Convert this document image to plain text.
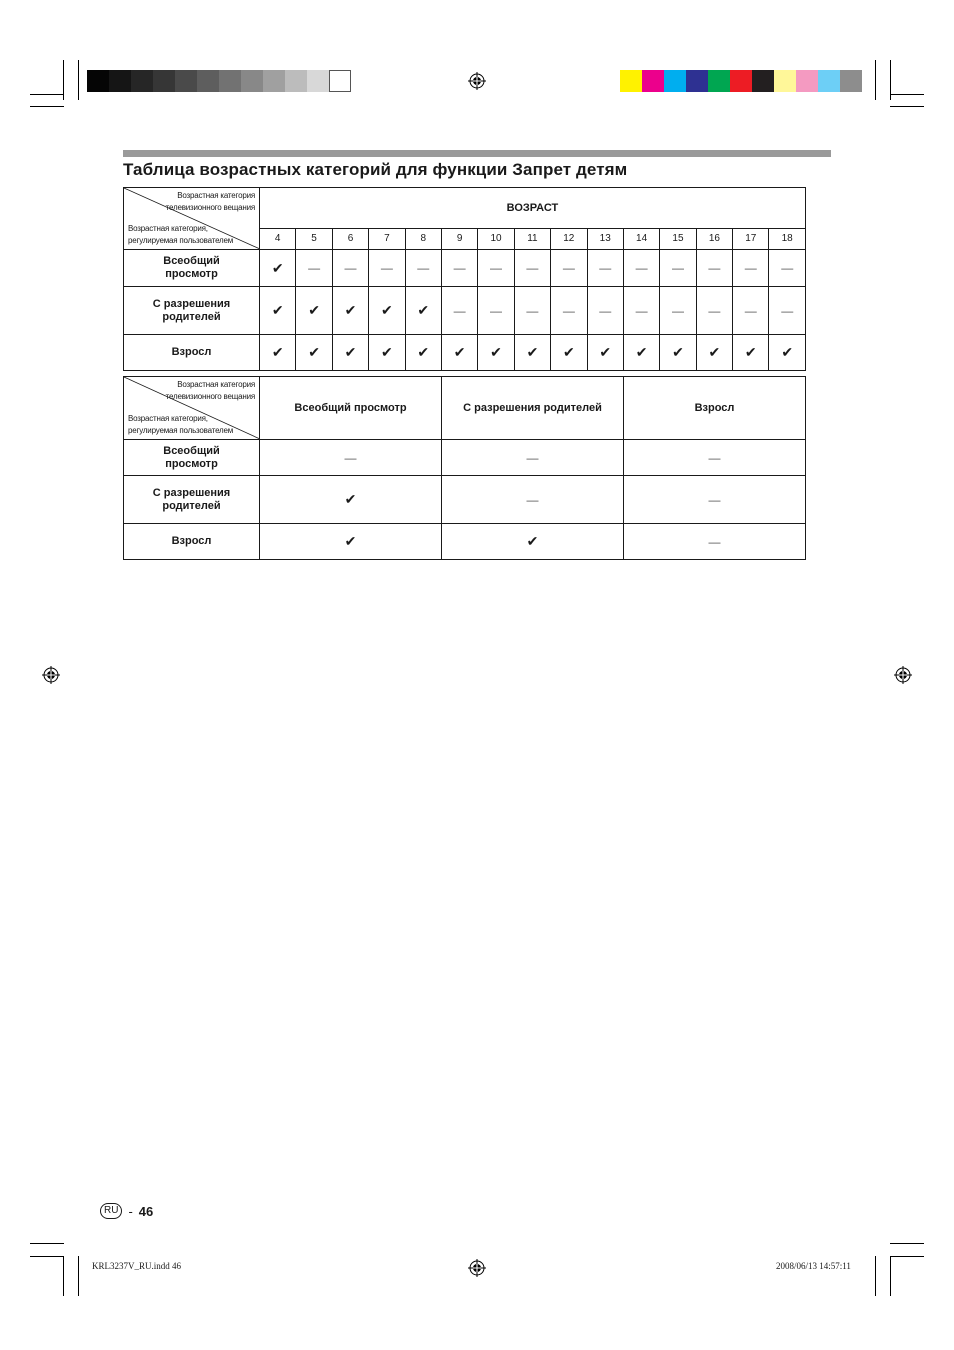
Таблица возрастных категорий для функции Запрет детям
Возрастная категория
телевизионного вещания
Возрастная категория,
регулируемая пользователем	ВОЗРАСТ														
	4	5	6	7	8	9	10	11	12	13	14	15	16	17	18
Всеобщий просмотр	✔	—	—	—	—	—	—	—	—	—	—	—	—	—	—
С разрешения родителей	✔	✔	✔	✔	✔	—	—	—	—	—	—	—	—	—	—
Взросл	✔	✔	✔	✔	✔	✔	✔	✔	✔	✔	✔	✔	✔	✔	✔
Возрастная категория
телевизионного вещания
Возрастная категория,
регулируемая пользователем	Всеобщий просмотр	С разрешения родителей	Взросл
Всеобщий просмотр	—	—	—
С разрешения родителей	✔	—	—
Взросл	✔	✔	—
RU - 46
KRL3237V_RU.indd 46	2008/06/13 14:57:11
